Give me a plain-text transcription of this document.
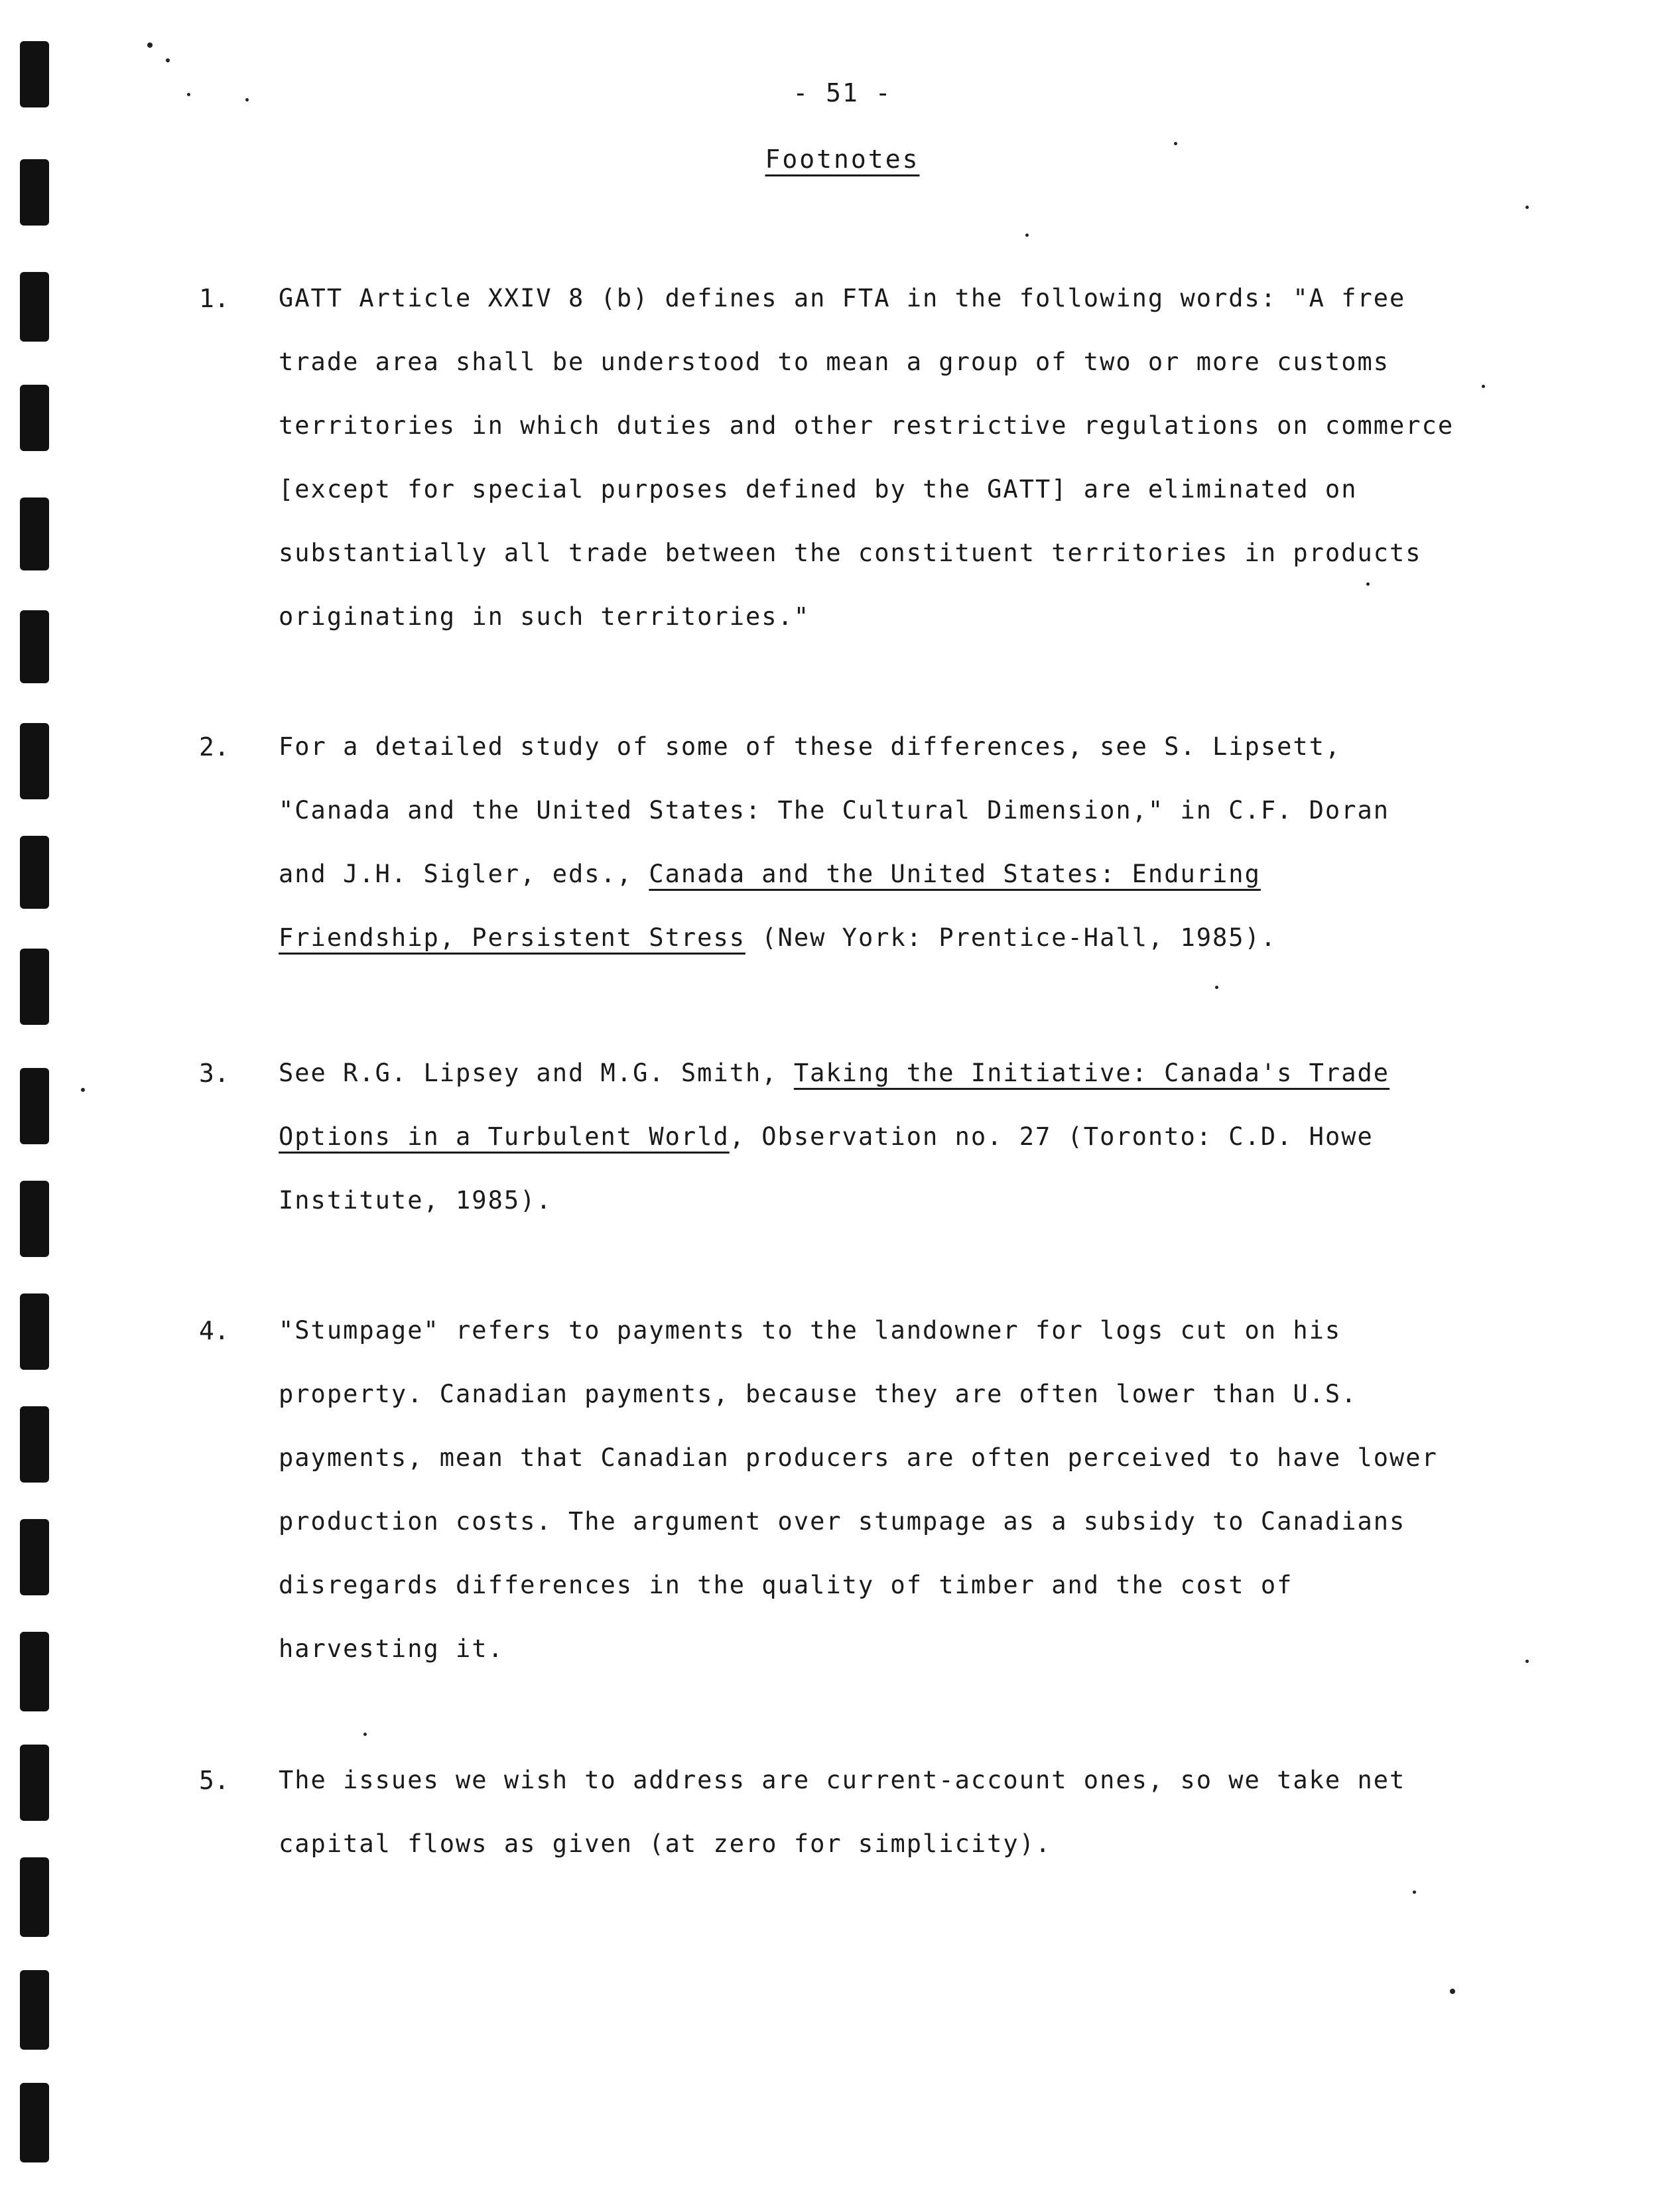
- 51 -
Footnotes
1. GATT Article XXIV 8 (b) defines an FTA in the following words: "A free
trade area shall be understood to mean a group of two or more customs
territories in which duties and other restrictive regulations on commerce
[except for special purposes defined by the GATT] are eliminated on
substantially all trade between the constituent territories in products
originating in such territories."
2. For a detailed study of some of these differences, see S. Lipsett,
"Canada and the United States: The Cultural Dimension," in C.F. Doran
and J.H. Sigler, eds., Canada and the United States: Enduring
Friendship, Persistent Stress (New York: Prentice-Hall, 1985).
3. See R.G. Lipsey and M.G. Smith, Taking the Initiative: Canada's Trade
Options in a Turbulent World, Observation no. 27 (Toronto: C.D. Howe
Institute, 1985).
4. "Stumpage" refers to payments to the landowner for logs cut on his
property. Canadian payments, because they are often lower than U.S.
payments, mean that Canadian producers are often perceived to have lower
production costs. The argument over stumpage as a subsidy to Canadians
disregards differences in the quality of timber and the cost of
harvesting it.
5. The issues we wish to address are current-account ones, so we take net
capital flows as given (at zero for simplicity).
